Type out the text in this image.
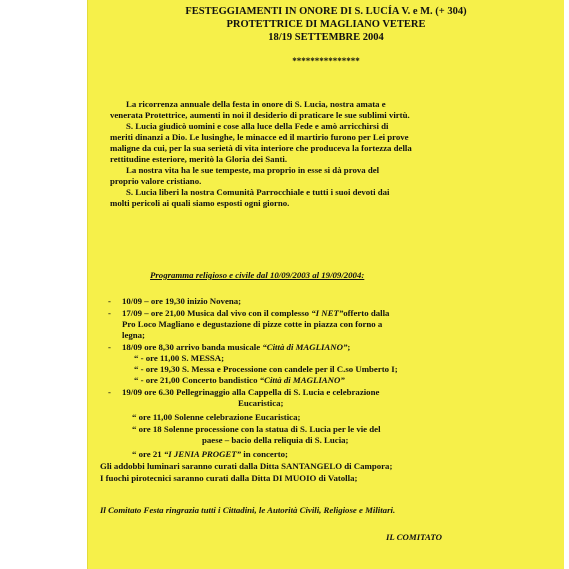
FESTEGGIAMENTI IN ONORE DI S. LUCÍA V. e M. (+ 304)
PROTETTRICE DI MAGLIANO VETERE
18/19 SETTEMBRE 2004
***************
La ricorrenza annuale della festa in onore di S. Lucia, nostra amata e
venerata Protettrice, aumenti in noi il desiderio di praticare le sue sublimi virtù.
S. Lucia giudicò uomini e cose alla luce della Fede e amò arricchirsi di
meriti dinanzi a Dio. Le lusinghe, le minacce ed il martirio furono per Lei prove
maligne da cui, per la sua serietà di vita interiore che produceva la fortezza della
rettitudine esteriore, meritò la Gloria dei Santi.
La nostra vita ha le sue tempeste, ma proprio in esse si dà prova del
proprio valore cristiano.
S. Lucia liberi la nostra Comunità Parrocchiale e tutti i suoi devoti dai
molti pericoli ai quali siamo esposti ogni giorno.
Programma religioso e civile dal 10/09/2003 al 19/09/2004:
- 10/09 – ore 19,30 inizio Novena;
- 17/09 – ore 21,00 Musica dal vivo con il complesso “I NET”offerto dalla
Pro Loco Magliano e degustazione di pizze cotte in piazza con forno a
legna;
- 18/09 ore 8,30 arrivo banda musicale “Città di MAGLIANO”;
“ - ore 11,00 S. MESSA;
“ - ore 19,30 S. Messa e Processione con candele per il C.so Umberto I;
“ - ore 21,00 Concerto bandistico “Città di MAGLIANO”
- 19/09 ore 6.30 Pellegrinaggio alla Cappella di S. Lucia e celebrazione
Eucaristica;
“ ore 11,00 Solenne celebrazione Eucaristica;
“ ore 18 Solenne processione con la statua di S. Lucia per le vie del
paese – bacio della reliquia di S. Lucia;
“ ore 21 “I JENIA PROGET” in concerto;
Gli addobbi luminari saranno curati dalla Ditta SANTANGELO di Campora;
I fuochi pirotecnici saranno curati dalla Ditta DI MUOIO di Vatolla;
Il Comitato Festa ringrazia tutti i Cittadini, le Autorità Civili, Religiose e Militari.
IL COMITATO
